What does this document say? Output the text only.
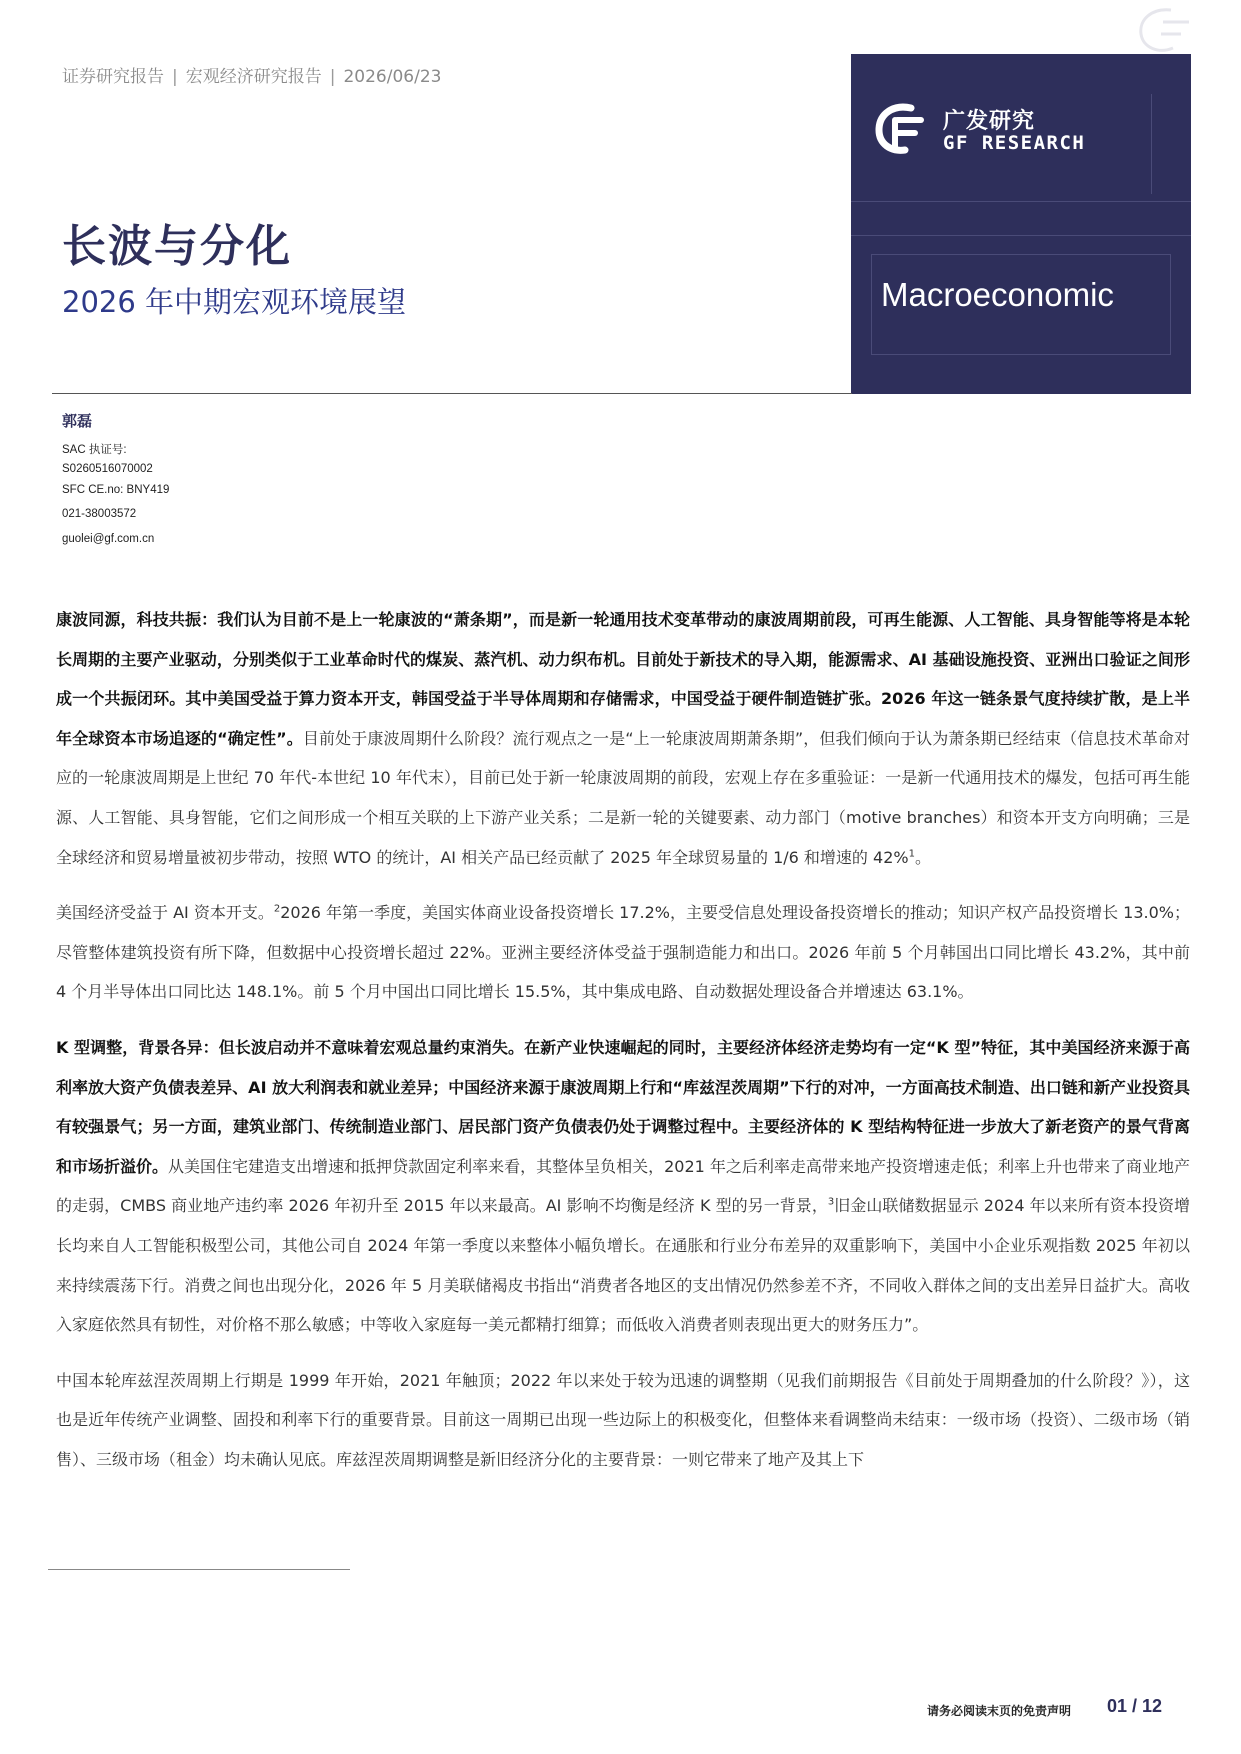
证券研究报告 | 宏观经济研究报告 | 2026/06/23
广发研究
GF RESEARCH
Macroeconomic
长波与分化
2026 年中期宏观环境展望
郭磊
SAC 执证号:
S0260516070002
SFC CE.no: BNY419
021-38003572
guolei@gf.com.cn

康波同源，科技共振：我们认为目前不是上一轮康波的“萧条期”，而是新一轮通用技术变革带动的康波周期前段，可再生能源、人工智能、具身智能等将是本轮长周期的主要产业驱动，分别类似于工业革命时代的煤炭、蒸汽机、动力织布机。目前处于新技术的导入期，能源需求、AI 基础设施投资、亚洲出口验证之间形成一个共振闭环。其中美国受益于算力资本开支，韩国受益于半导体周期和存储需求，中国受益于硬件制造链扩张。2026 年这一链条景气度持续扩散，是上半年全球资本市场追逐的“确定性”。目前处于康波周期什么阶段？流行观点之一是“上一轮康波周期萧条期”，但我们倾向于认为萧条期已经结束（信息技术革命对应的一轮康波周期是上世纪 70 年代-本世纪 10 年代末），目前已处于新一轮康波周期的前段，宏观上存在多重验证：一是新一代通用技术的爆发，包括可再生能源、人工智能、具身智能，它们之间形成一个相互关联的上下游产业关系；二是新一轮的关键要素、动力部门（motive branches）和资本开支方向明确；三是全球经济和贸易增量被初步带动，按照 WTO 的统计，AI 相关产品已经贡献了 2025 年全球贸易量的 1/6 和增速的 42%$^1$。

美国经济受益于 AI 资本开支。$^2$2026 年第一季度，美国实体商业设备投资增长 17.2%，主要受信息处理设备投资增长的推动；知识产权产品投资增长 13.0%；尽管整体建筑投资有所下降，但数据中心投资增长超过 22%。亚洲主要经济体受益于强制造能力和出口。2026 年前 5 个月韩国出口同比增长 43.2%，其中前 4 个月半导体出口同比达 148.1%。前 5 个月中国出口同比增长 15.5%，其中集成电路、自动数据处理设备合并增速达 63.1%。

K 型调整，背景各异：但长波启动并不意味着宏观总量约束消失。在新产业快速崛起的同时，主要经济体经济走势均有一定“K 型”特征，其中美国经济来源于高利率放大资产负债表差异、AI 放大利润表和就业差异；中国经济来源于康波周期上行和“库兹涅茨周期”下行的对冲，一方面高技术制造、出口链和新产业投资具有较强景气；另一方面，建筑业部门、传统制造业部门、居民部门资产负债表仍处于调整过程中。主要经济体的 K 型结构特征进一步放大了新老资产的景气背离和市场折溢价。从美国住宅建造支出增速和抵押贷款固定利率来看，其整体呈负相关，2021 年之后利率走高带来地产投资增速走低；利率上升也带来了商业地产的走弱，CMBS 商业地产违约率 2026 年初升至 2015 年以来最高。AI 影响不均衡是经济 K 型的另一背景，$^3$旧金山联储数据显示 2024 年以来所有资本投资增长均来自人工智能积极型公司，其他公司自 2024 年第一季度以来整体小幅负增长。在通胀和行业分布差异的双重影响下，美国中小企业乐观指数 2025 年初以来持续震荡下行。消费之间也出现分化，2026 年 5 月美联储褐皮书指出“消费者各地区的支出情况仍然参差不齐，不同收入群体之间的支出差异日益扩大。高收入家庭依然具有韧性，对价格不那么敏感；中等收入家庭每一美元都精打细算；而低收入消费者则表现出更大的财务压力”。

中国本轮库兹涅茨周期上行期是 1999 年开始，2021 年触顶；2022 年以来处于较为迅速的调整期（见我们前期报告《目前处于周期叠加的什么阶段？》），这也是近年传统产业调整、固投和利率下行的重要背景。目前这一周期已出现一些边际上的积极变化，但整体来看调整尚未结束：一级市场（投资）、二级市场（销售）、三级市场（租金）均未确认见底。库兹涅茨周期调整是新旧经济分化的主要背景：一则它带来了地产及其上下

请务必阅读末页的免责声明 01 / 12
